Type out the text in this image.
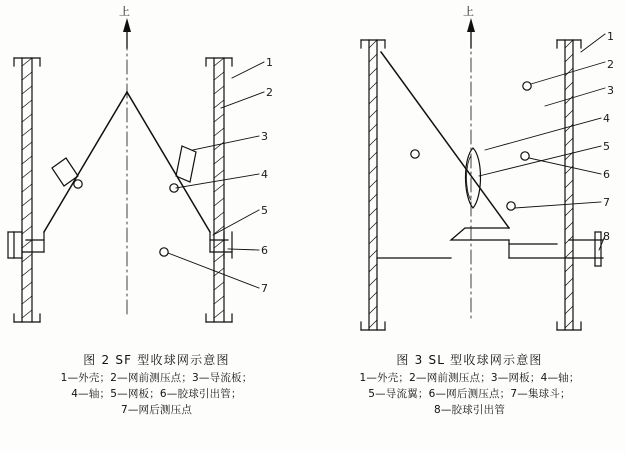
上
1
2
3
4
5
6
7
图 2 SF 型收球网示意图
1—外壳；2—网前测压点；3—导流板；
4—轴；5—网板；6—胶球引出管；
7—网后测压点
上
1
2
3
4
5
6
7
8
图 3 SL 型收球网示意图
1—外壳；2—网前测压点；3—网板；4—轴；
5—导流翼；6—网后测压点；7—集球斗；
8—胶球引出管
